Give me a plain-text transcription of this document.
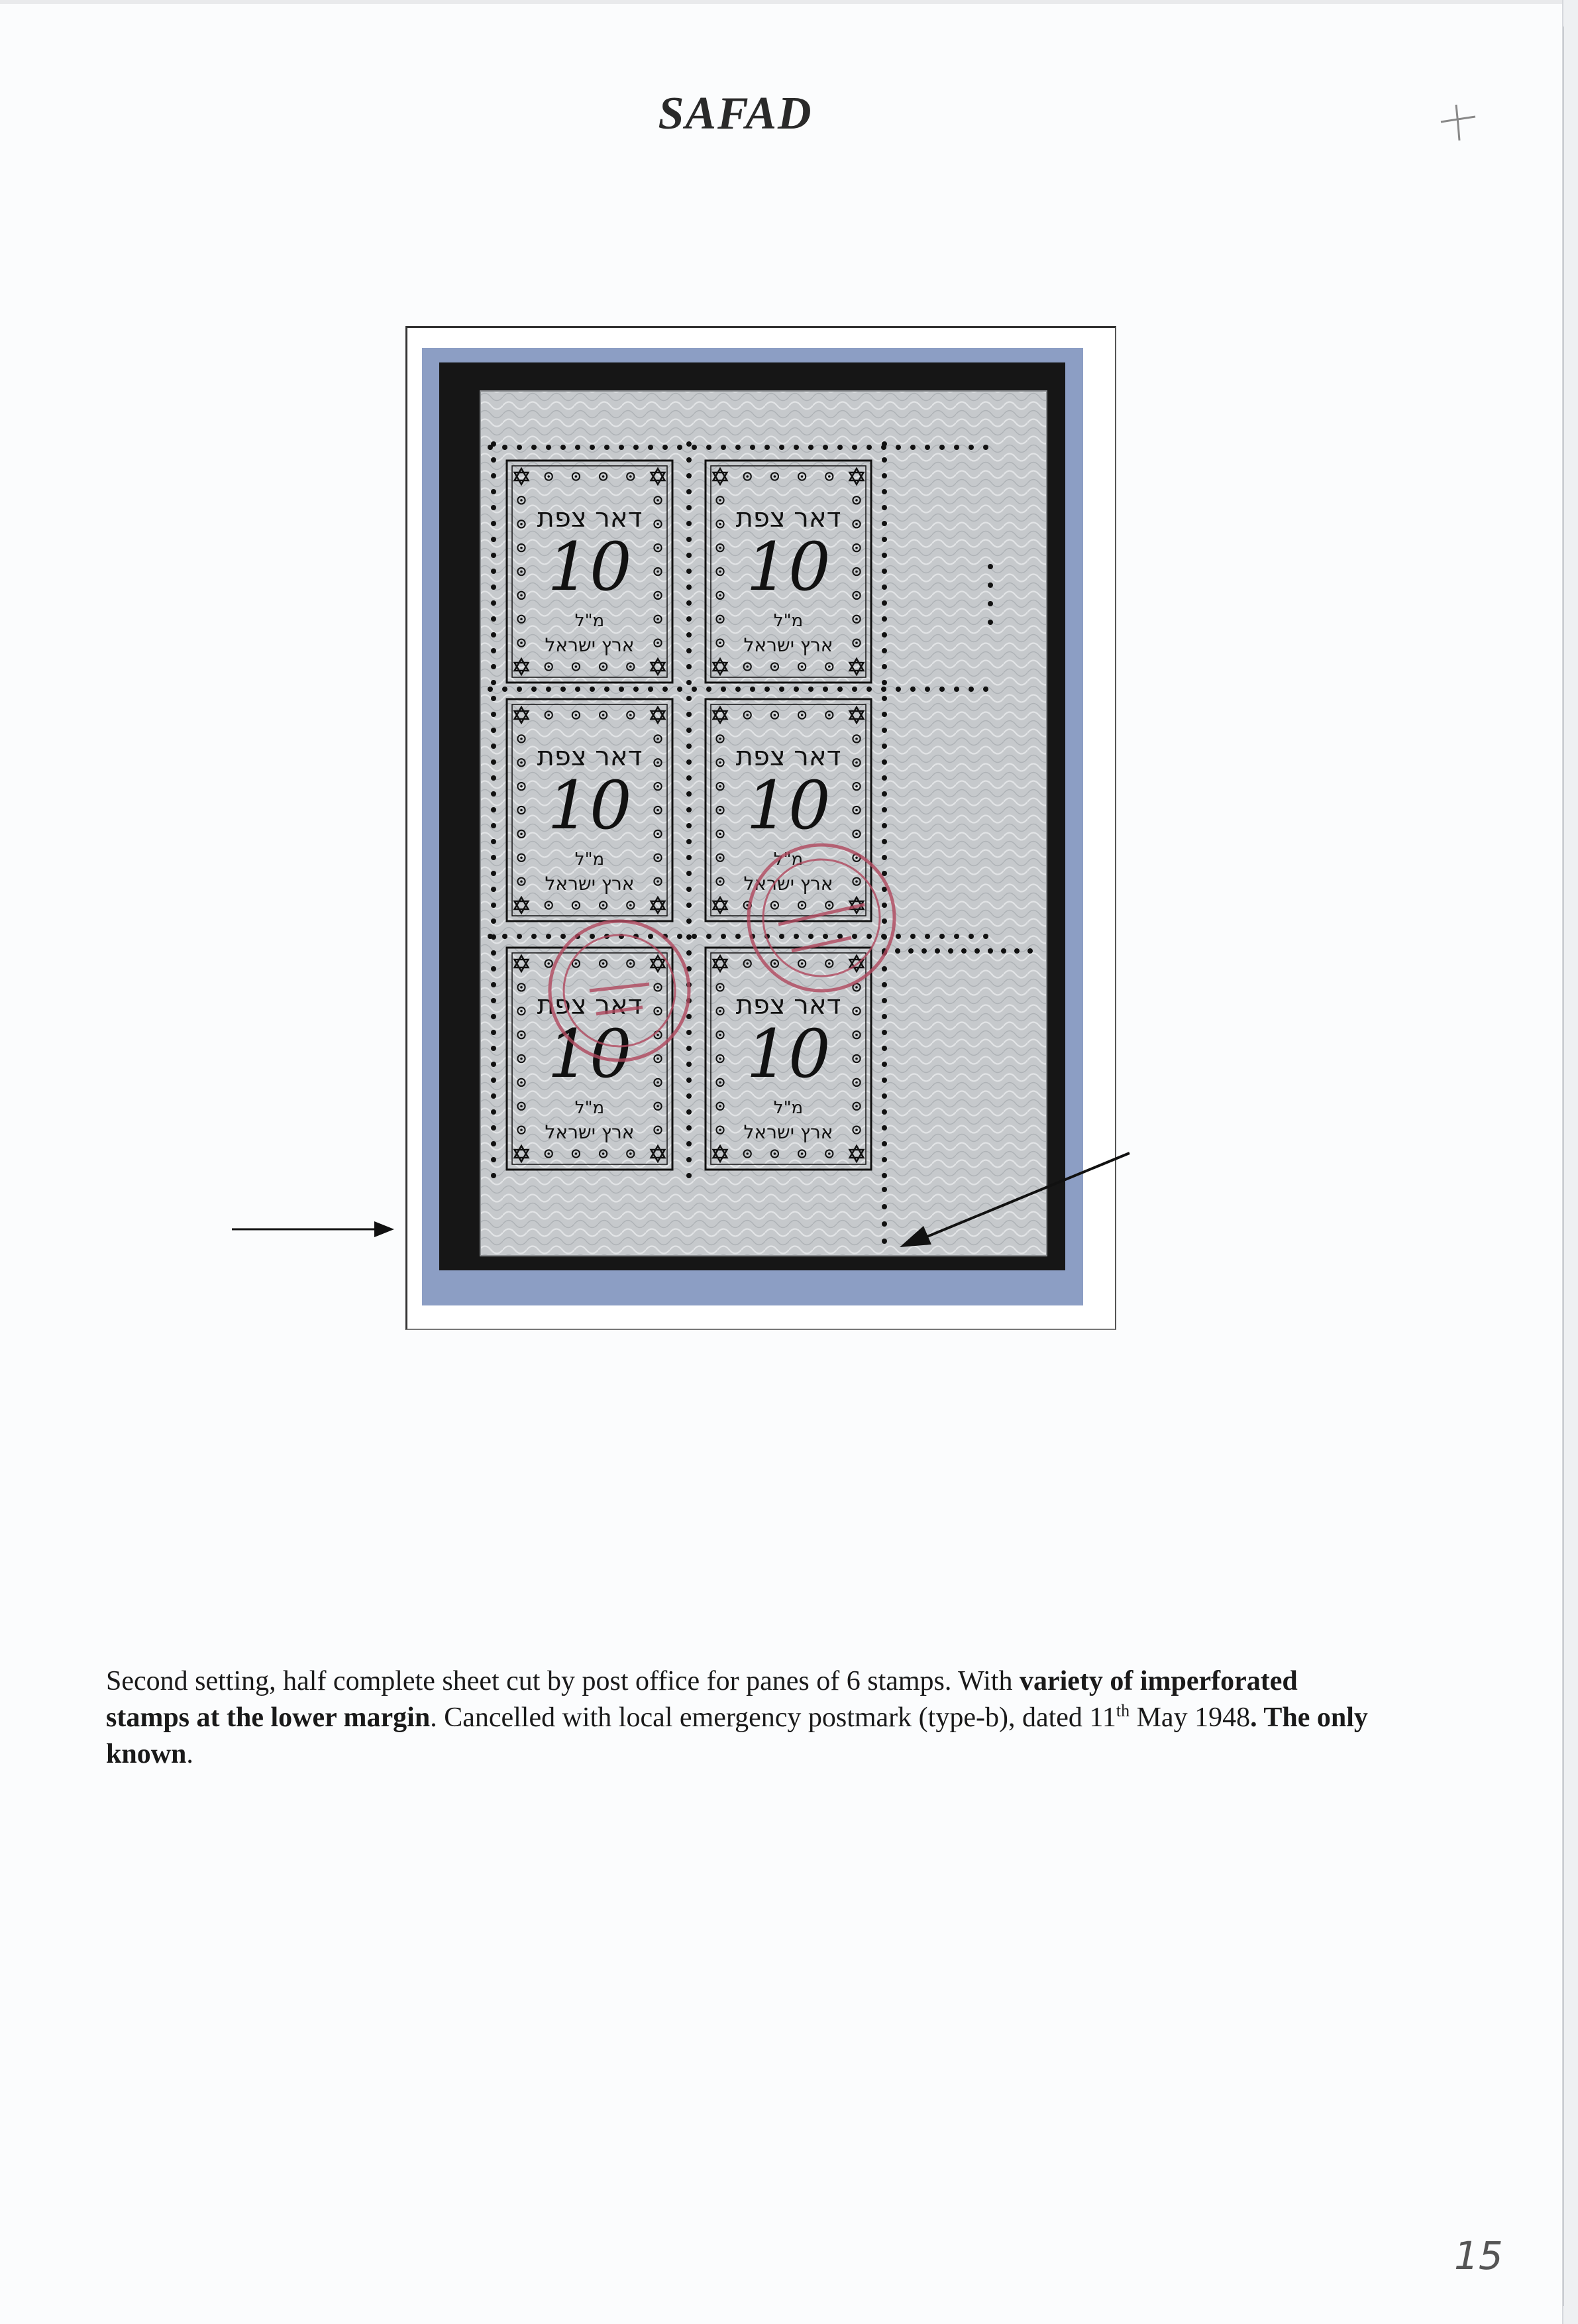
SAFAD
דאר צפת
10
מ"ל
ארץ ישראל
דאר צפת
10
מ"ל
ארץ ישראל
דאר צפת
10
מ"ל
ארץ ישראל
דאר צפת
10
מ"ל
ארץ ישראל
דאר צפת
10
מ"ל
ארץ ישראל
דאר צפת
10
מ"ל
ארץ ישראל
Second setting, half complete sheet cut by post office for panes of 6 stamps. With variety of imperforated stamps at the lower margin. Cancelled with local emergency postmark (type-b), dated 11th May 1948. The only known.
15
